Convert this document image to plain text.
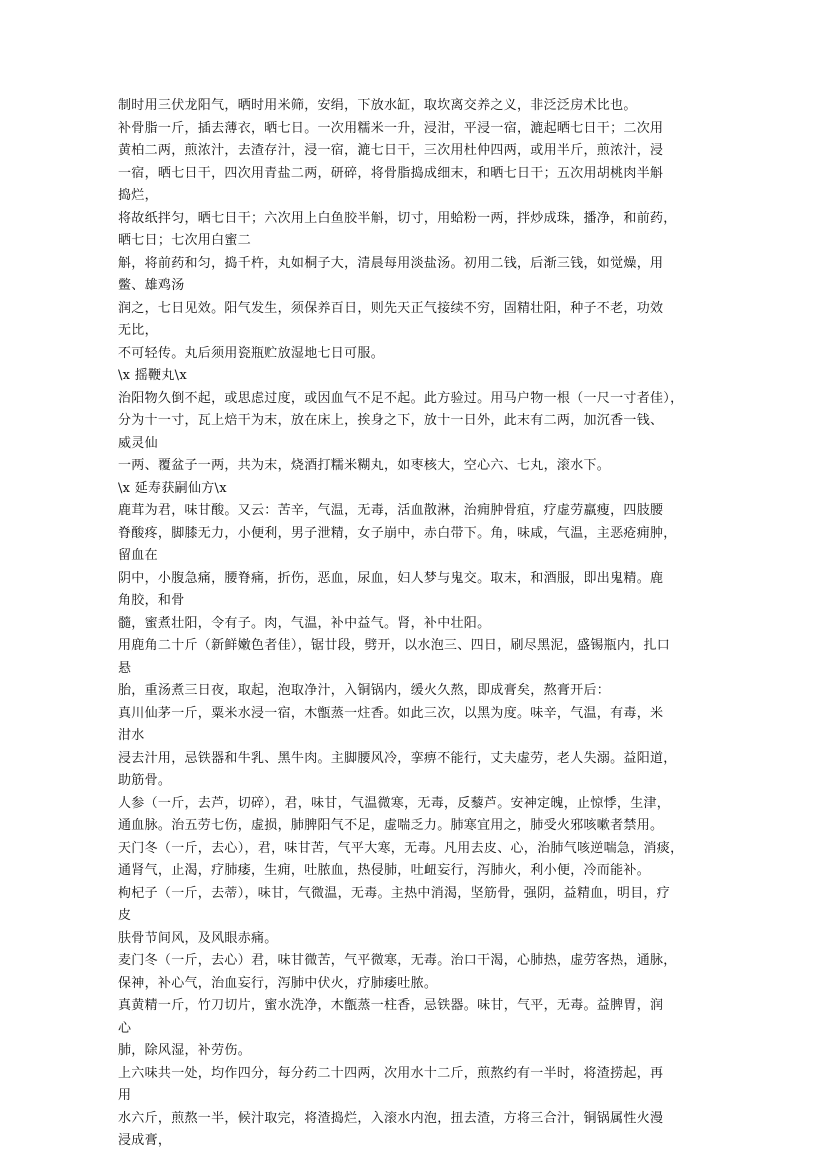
制时用三伏龙阳气，晒时用米筛，安绢，下放水缸，取坎离交养之义，非泛泛房术比也。
补骨脂一斤，插去薄衣，晒七日。一次用糯米一升，浸泔，平浸一宿，漉起晒七日干；二次用
黄柏二两，煎浓汁，去渣存汁，浸一宿，漉七日干，三次用杜仲四两，或用半斤，煎浓汁，浸
一宿，晒七日干，四次用青盐二两，研碎，将骨脂捣成细末，和晒七日干；五次用胡桃肉半斛
捣烂，
将故纸拌匀，晒七日干；六次用上白鱼胶半斛，切寸，用蛤粉一两，拌炒成珠，播净，和前药，
晒七日；七次用白蜜二
斛，将前药和匀，捣千杵，丸如桐子大，清晨每用淡盐汤。初用二钱，后渐三钱，如觉燥，用
鳖、雄鸡汤
润之，七日见效。阳气发生，须保养百日，则先天正气接续不穷，固精壮阳，种子不老，功效
无比，
不可轻传。丸后须用瓷瓶贮放湿地七日可服。
\x 摇鞭丸\x
治阳物久倒不起，或思虑过度，或因血气不足不起。此方验过。用马户物一根（一尺一寸者佳），
分为十一寸，瓦上焙干为末，放在床上，挨身之下，放十一日外，此末有二两，加沉香一钱、
威灵仙
一两、覆盆子一两，共为末，烧酒打糯米糊丸，如枣核大，空心六、七丸，滚水下。
\x 延寿获嗣仙方\x
鹿茸为君，味甘酸。又云：苦辛，气温，无毒，活血散淋，治痈肿骨疽，疗虚劳羸瘦，四肢腰
脊酸疼，脚膝无力，小便利，男子泄精，女子崩中，赤白带下。角，味咸，气温，主恶疮痈肿，
留血在
阴中，小腹急痛，腰脊痛，折伤，恶血，尿血，妇人梦与鬼交。取末，和酒服，即出鬼精。鹿
角胶，和骨
髓，蜜煮壮阳，令有子。肉，气温，补中益气。肾，补中壮阳。
用鹿角二十斤（新鲜嫩色者佳），锯廿段，劈开，以水泡三、四日，刷尽黑泥，盛锡瓶内，扎口
悬
胎，重汤煮三日夜，取起，泡取净汁，入铜锅内，缓火久熬，即成膏矣，熬膏开后：
真川仙茅一斤，粟米水浸一宿，木甑蒸一炷香。如此三次，以黑为度。味辛，气温，有毒，米
泔水
浸去汁用，忌铁器和牛乳、黑牛肉。主脚腰风冷，挛痹不能行，丈夫虚劳，老人失溺。益阳道，
助筋骨。
人参（一斤，去芦，切碎），君，味甘，气温微寒，无毒，反藜芦。安神定魄，止惊悸，生津，
通血脉。治五劳七伤，虚损，肺脾阳气不足，虚喘乏力。肺寒宜用之，肺受火邪咳嗽者禁用。
天门冬（一斤，去心），君，味甘苦，气平大寒，无毒。凡用去皮、心，治肺气咳逆喘急，消痰，
通肾气，止渴，疗肺痿，生痈，吐脓血，热侵肺，吐衄妄行，泻肺火，利小便，冷而能补。
枸杞子（一斤，去蒂），味甘，气微温，无毒。主热中消渴，坚筋骨，强阴，益精血，明目，疗
皮
肤骨节间风，及风眼赤痛。
麦门冬（一斤，去心）君，味甘微苦，气平微寒，无毒。治口干渴，心肺热，虚劳客热，通脉，
保神，补心气，治血妄行，泻肺中伏火，疗肺痿吐脓。
真黄精一斤，竹刀切片，蜜水洗净，木甑蒸一柱香，忌铁器。味甘，气平，无毒。益脾胃，润
心
肺，除风湿，补劳伤。
上六味共一处，均作四分，每分药二十四两，次用水十二斤，煎熬约有一半时，将渣捞起，再
用
水六斤，煎熬一半，候汁取完，将渣捣烂，入滚水内泡，扭去渣，方将三合汁，铜锅属性火漫
浸成膏，
